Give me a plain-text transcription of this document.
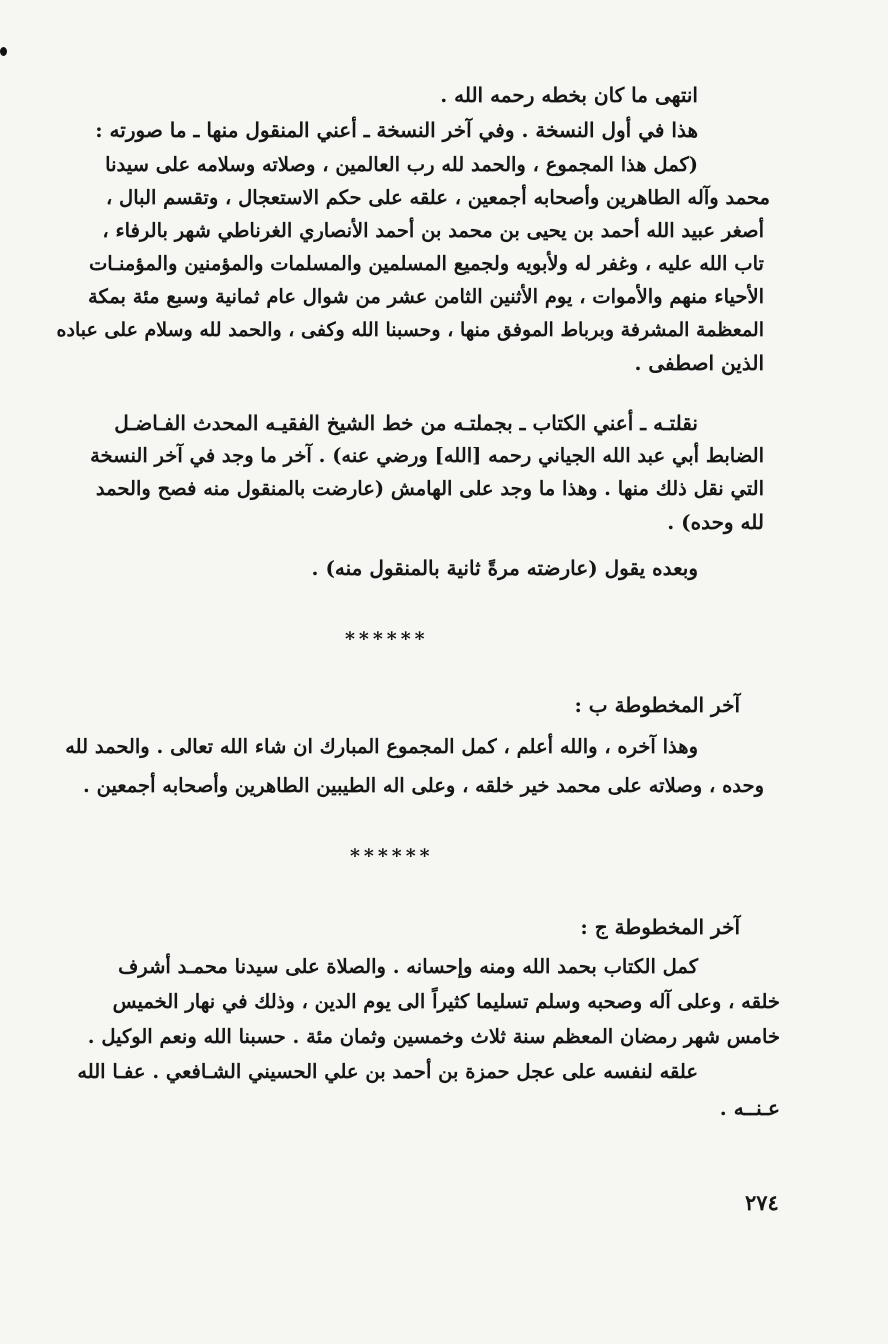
انتهى ما كان بخطه رحمه الله .
هذا في أول النسخة . وفي آخر النسخة ـ أعني المنقول منها ـ ما صورته :
(كمل هذا المجموع ، والحمد لله رب العالمين ، وصلاته وسلامه على سيدنا
محمد وآله الطاهرين وأصحابه أجمعين ، علقه على حكم الاستعجال ، وتقسم البال ،
أصغر عبيد الله أحمد بن يحيى بن محمد بن أحمد الأنصاري الغرناطي شهر بالرفاء ،
تاب الله عليه ، وغفر له ولأبويه ولجميع المسلمين والمسلمات والمؤمنين والمؤمنـات
الأحياء منهم والأموات ، يوم الأثنين الثامن عشر من شوال عام ثمانية وسبع مئة بمكة
المعظمة المشرفة وبرباط الموفق منها ، وحسبنا الله وكفى ، والحمد لله وسلام على عباده
الذين اصطفى .
نقلتـه ـ أعني الكتاب ـ بجملتـه من خط الشيخ الفقيـه المحدث الفـاضـل
الضابط أبي عبد الله الجياني رحمه [الله] ورضي عنه) . آخر ما وجد في آخر النسخة
التي نقل ذلك منها . وهذا ما وجد على الهامش (عارضت بالمنقول منه فصح والحمد
لله وحده) .
وبعده يقول (عارضته مرةً ثانية بالمنقول منه) .
******
آخر المخطوطة ب :
وهذا آخره ، والله أعلم ، كمل المجموع المبارك ان شاء الله تعالى . والحمد لله
وحده ، وصلاته على محمد خير خلقه ، وعلى اله الطيبين الطاهرين وأصحابه أجمعين .
******
آخر المخطوطة ج :
كمل الكتاب بحمد الله ومنه وإحسانه . والصلاة على سيدنا محمـد أشرف
خلقه ، وعلى آله وصحبه وسلم تسليما كثيراً الى يوم الدين ، وذلك في نهار الخميس
خامس شهر رمضان المعظم سنة ثلاث وخمسين وثمان مئة . حسبنا الله ونعم الوكيل .
علقه لنفسه على عجل حمزة بن أحمد بن علي الحسيني الشـافعي . عفـا الله
عـنــه .
٢٧٤
